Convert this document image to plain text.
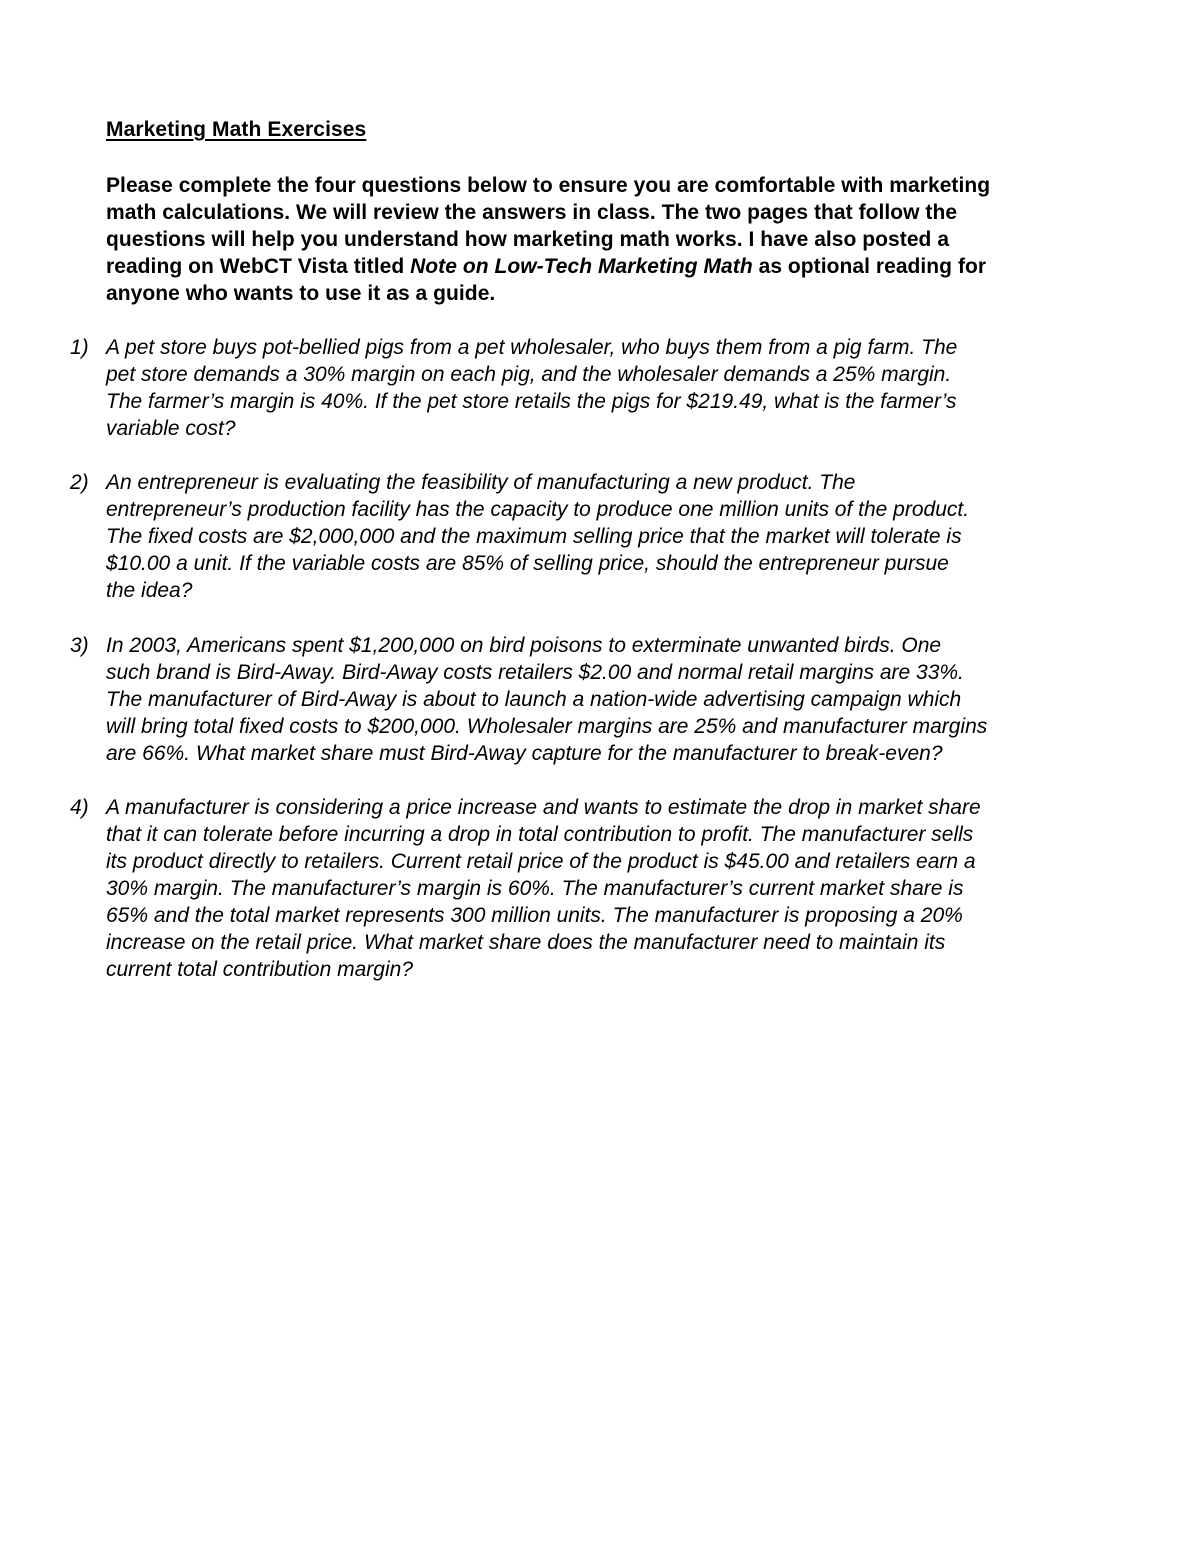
Marketing Math Exercises
Please complete the four questions below to ensure you are comfortable with marketing
math calculations. We will review the answers in class. The two pages that follow the
questions will help you understand how marketing math works. I have also posted a
reading on WebCT Vista titled Note on Low-Tech Marketing Math as optional reading for
anyone who wants to use it as a guide.
1) A pet store buys pot-bellied pigs from a pet wholesaler, who buys them from a pig farm. The
pet store demands a 30% margin on each pig, and the wholesaler demands a 25% margin.
The farmer’s margin is 40%. If the pet store retails the pigs for $219.49, what is the farmer’s
variable cost?
2) An entrepreneur is evaluating the feasibility of manufacturing a new product. The
entrepreneur’s production facility has the capacity to produce one million units of the product.
The fixed costs are $2,000,000 and the maximum selling price that the market will tolerate is
$10.00 a unit. If the variable costs are 85% of selling price, should the entrepreneur pursue
the idea?
3) In 2003, Americans spent $1,200,000 on bird poisons to exterminate unwanted birds. One
such brand is Bird-Away. Bird-Away costs retailers $2.00 and normal retail margins are 33%.
The manufacturer of Bird-Away is about to launch a nation-wide advertising campaign which
will bring total fixed costs to $200,000. Wholesaler margins are 25% and manufacturer margins
are 66%. What market share must Bird-Away capture for the manufacturer to break-even?
4) A manufacturer is considering a price increase and wants to estimate the drop in market share
that it can tolerate before incurring a drop in total contribution to profit. The manufacturer sells
its product directly to retailers. Current retail price of the product is $45.00 and retailers earn a
30% margin. The manufacturer’s margin is 60%. The manufacturer’s current market share is
65% and the total market represents 300 million units. The manufacturer is proposing a 20%
increase on the retail price. What market share does the manufacturer need to maintain its
current total contribution margin?
